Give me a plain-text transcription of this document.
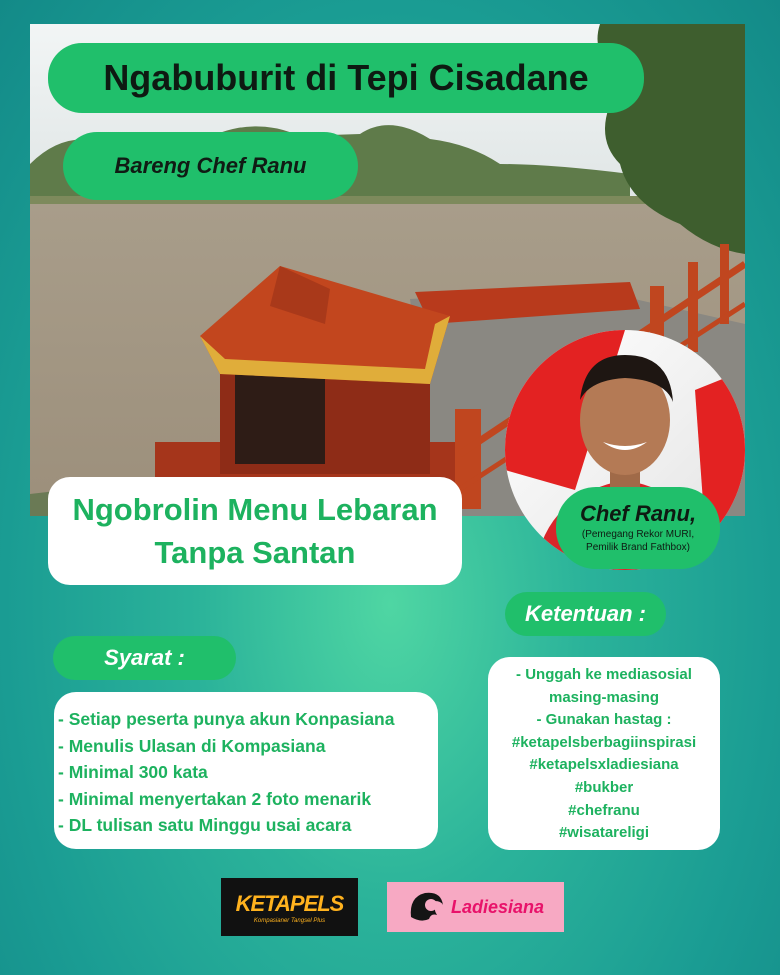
Ngabuburit di Tepi Cisadane
Bareng Chef Ranu
Ngobrolin Menu Lebaran
Tanpa Santan
Chef Ranu,
(Pemegang Rekor MURI,
Pemilik Brand Fathbox)
Ketentuan :
Syarat :
- Setiap peserta punya akun Konpasiana
- Menulis Ulasan di Kompasiana
- Minimal 300 kata
- Minimal menyertakan 2 foto menarik
- DL tulisan satu Minggu usai acara
- Unggah ke mediasosial
masing-masing
- Gunakan hastag :
#ketapelsberbagiinspirasi
#ketapelsxladiesiana
#bukber
#chefranu
#wisatareligi
KETAPELS
Kompasianer Tangsel Plus
Ladiesiana
